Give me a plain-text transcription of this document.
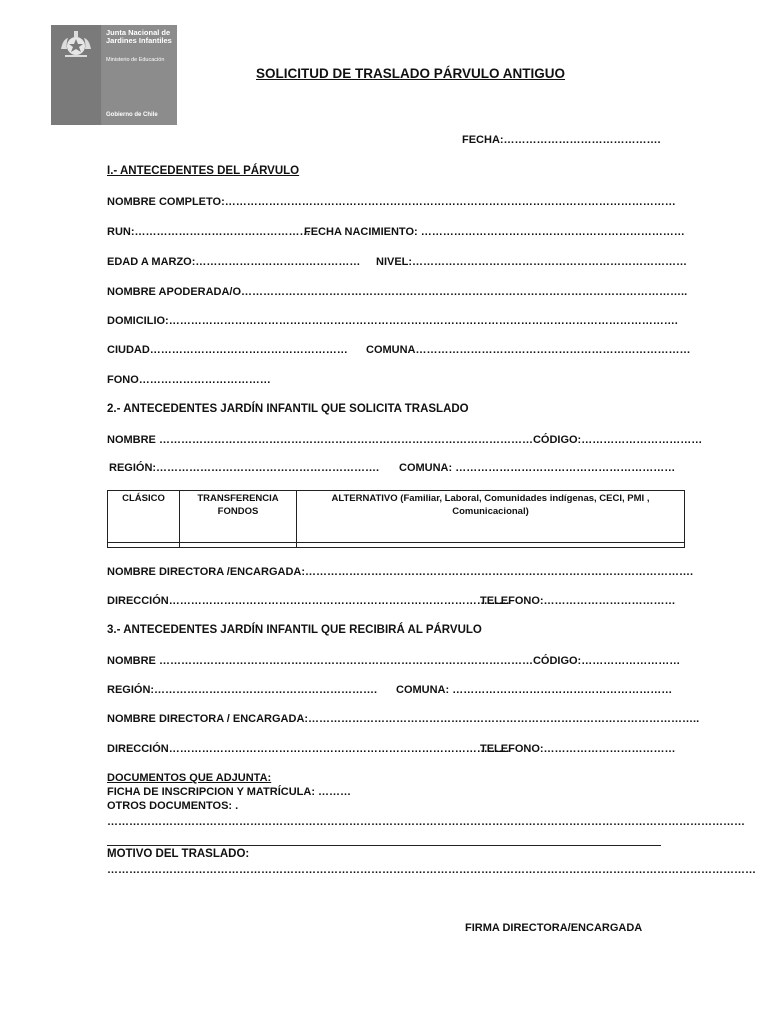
Junta Nacional de Jardines Infantiles
Ministerio de Educación
Gobierno de Chile
SOLICITUD DE TRASLADO PÁRVULO ANTIGUO
FECHA:…………………………………….
I.- ANTECEDENTES DEL PÁRVULO
NOMBRE COMPLETO:……………………………………………………………………………………………………………
RUN:…………………………………………
FECHA NACIMIENTO: ………………………………………………………………
EDAD A MARZO:……………………………………… NIVEL:…………………………………………………………………
NOMBRE APODERADA/O…………………………………………………………………………………………………………..
DOMICILIO:………………………………………………………………………………………………………………………….
CIUDAD……………………………………………… COMUNA…………………………………………………………………
FONO………………………………
2.- ANTECEDENTES JARDÍN INFANTIL QUE SOLICITA TRASLADO
NOMBRE …………………………………………………………………………………………CÓDIGO:……………………………
REGIÓN:……………………………………………………. COMUNA: ……………………………………………………
CLÁSICO	TRANSFERENCIA FONDOS	ALTERNATIVO (Familiar, Laboral, Comunidades indígenas, CECI, PMI , Comunicacional)

NOMBRE DIRECTORA /ENCARGADA:…………………………………………………………………………………………….
DIRECCIÓN…………………………………………………………………………………
TELEFONO:………………………………
3.- ANTECEDENTES JARDÍN INFANTIL QUE RECIBIRÁ AL PÁRVULO
NOMBRE …………………………………………………………………………………………CÓDIGO:………………………
REGIÓN:……………………………………………………. COMUNA: ……………………………………………………
NOMBRE DIRECTORA / ENCARGADA:……………………………………………………………………………………………..
DIRECCIÓN…………………………………………………………………………………
TELEFONO:………………………………
DOCUMENTOS QUE ADJUNTA:
FICHA DE INSCRIPCION Y MATRÍCULA: ………
OTROS DOCUMENTOS: .
…………………………………………………………………………………………………………………………………………………………
MOTIVO DEL TRASLADO:
……………………………………………………………………………………………………………………………………………………………
FIRMA DIRECTORA/ENCARGADA
